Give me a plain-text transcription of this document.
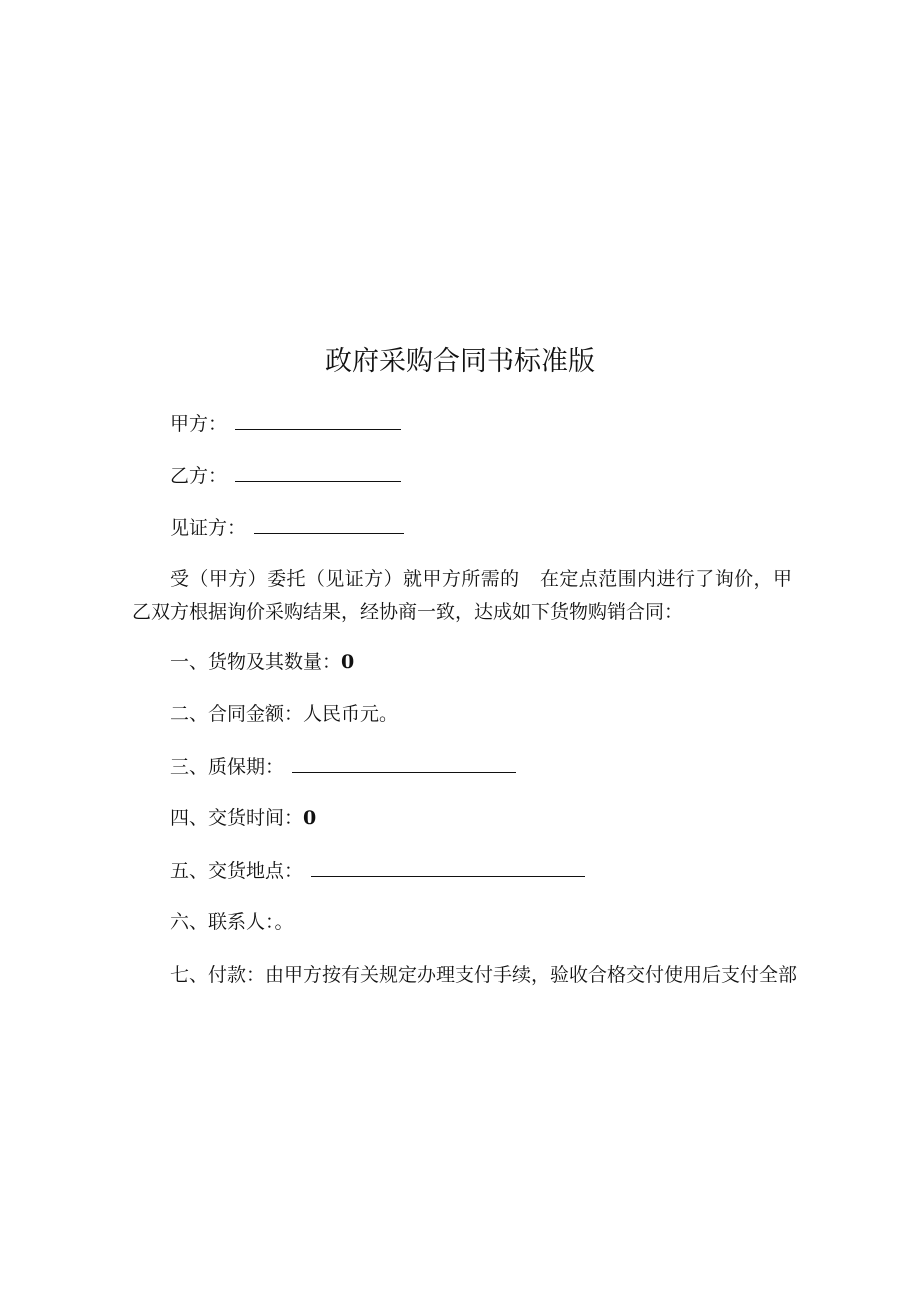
政府采购合同书标准版
甲方：
乙方：
见证方：
受（甲方）委托（见证方）就甲方所需的 在定点范围内进行了询价，甲乙双方根据询价采购结果，经协商一致，达成如下货物购销合同：
一、货物及其数量：0
二、合同金额：人民币元。
三、质保期：
四、交货时间：0
五、交货地点：
六、联系人：。
七、付款：由甲方按有关规定办理支付手续，验收合格交付使用后支付全部
